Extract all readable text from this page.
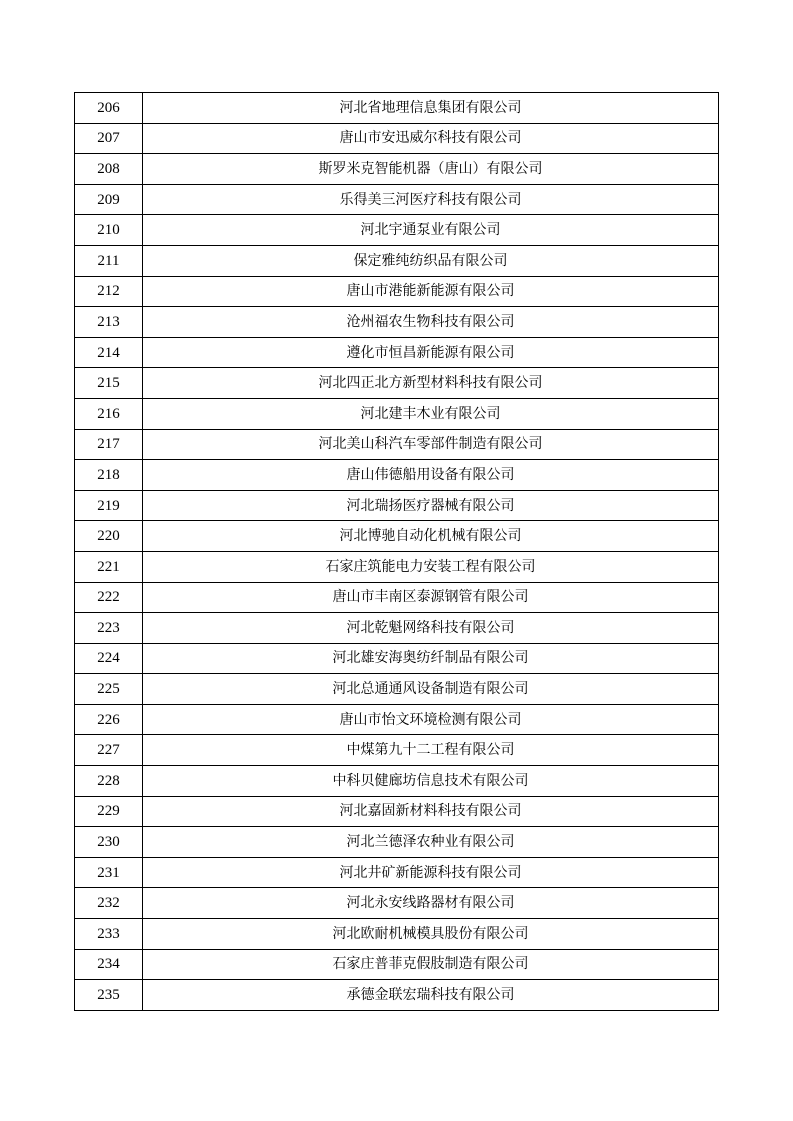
206	河北省地理信息集团有限公司
207	唐山市安迅威尔科技有限公司
208	斯罗米克智能机器（唐山）有限公司
209	乐得美三河医疗科技有限公司
210	河北宇通泵业有限公司
211	保定雅纯纺织品有限公司
212	唐山市港能新能源有限公司
213	沧州福农生物科技有限公司
214	遵化市恒昌新能源有限公司
215	河北四正北方新型材料科技有限公司
216	河北建丰木业有限公司
217	河北美山科汽车零部件制造有限公司
218	唐山伟德船用设备有限公司
219	河北瑞扬医疗器械有限公司
220	河北博驰自动化机械有限公司
221	石家庄筑能电力安装工程有限公司
222	唐山市丰南区泰源钢管有限公司
223	河北乾魁网络科技有限公司
224	河北雄安海奥纺纤制品有限公司
225	河北总通通风设备制造有限公司
226	唐山市怡文环境检测有限公司
227	中煤第九十二工程有限公司
228	中科贝健廊坊信息技术有限公司
229	河北嘉固新材料科技有限公司
230	河北兰德泽农种业有限公司
231	河北井矿新能源科技有限公司
232	河北永安线路器材有限公司
233	河北欧耐机械模具股份有限公司
234	石家庄普菲克假肢制造有限公司
235	承德金联宏瑞科技有限公司
